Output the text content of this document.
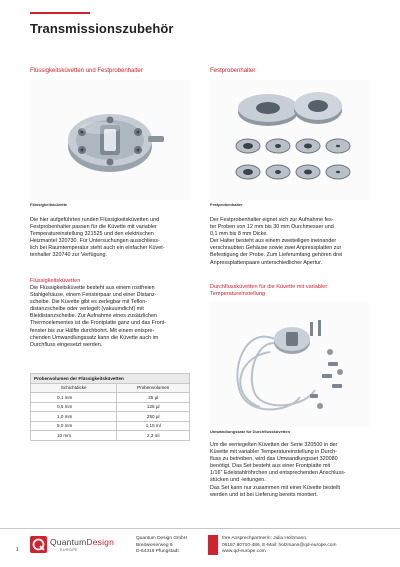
Transmissionszubehör
Flüssigkeitsküvetten und Festprobenhalter
Flüssigkeitsküvette

Die hier aufgeführten runden Flüssigkeitsküvetten und

Festprobenhalter passen für die Küvette mit variabler

Temperatureinstellung 321525 und den elektrischen

Heizmantel 320730. Für Untersuchungen ausschliess-

lich bei Raumtemperatur steht auch ein einfacher Küvet-

tenhalter 320740 zur Verfügung.

Flüssigkeitsküvetten

Die Flüssigkeitsküvette besteht aus einem rostfreien

Stahlgehäuse, einem Fensterpaar und einer Distanz-

scheibe. Die Küvette gibt es zerlegbar mit Teflon-

distanzscheibe oder verlegelt (vakuumdicht) mit

Bleidistanzscheibe. Zur Aufnahme eines zusätzlichen

Thermoelementes ist die Frontplatte ganz und das Front-

fenster bis zur Hälfte durchbohrt. Mit einem entspre-

chenden Umwandlungssatz kann die Küvette auch im

Durchfluss eingesetzt werden.

Probenvolumen der Flüssigkeitsküvetten	
Schichtdicke	Probenvolumen
0,1 mm	25 µl
0,5 mm	125 µl
1,0 mm	250 µl
5,0 mm	1,15 ml
10 mm	2,3 ml
Festprobenhalter
Festprobenhalter

Der Festprobenhalter eignet sich zur Aufnahme fes-

ter Proben von 12 mm bis 30 mm Durchmesser und

0,1 mm bis 8 mm Dicke.

Der Halter besteht aus einem zweiteiligen ineinander

verschraubten Gehäuse sowie zwei Anpressplatten zur

Befestigung der Probe. Zum Lieferumfang gehören drei

Anpressplattenpaare unterschiedlicher Apertur.

Durchflussküvetten für die Küvette mit variabler
Temperatureinstellung
Umwandlungssatz für Durchflussküvetten

Um die verriegelten Küvetten der Serie 320500 in der

Küvette mit variabler Temperatureinstellung in Durch-

fluss zu betreiben, wird das Umwandlungsset 320080

benötigt. Das Set besteht aus einer Frontplatte mit

1/16" Edelstahlröhrchen und entsprechenden Anschluss-

stücken und -leitungen.

Das Set kann nur zusammen mit einer Küvette bestellt

werden und ist bei Lieferung bereits montiert.

1
QuantumDesign
EUROPE
Quantum Design GmbH
Breitwieserweg 9
D-64319 Pfungstadt
Ihre Ansprechpartnerin: Julia Holzmann,
06157 80710-486, E-Mail: holzmann@qd-europe.com
www.qd-europe.com
